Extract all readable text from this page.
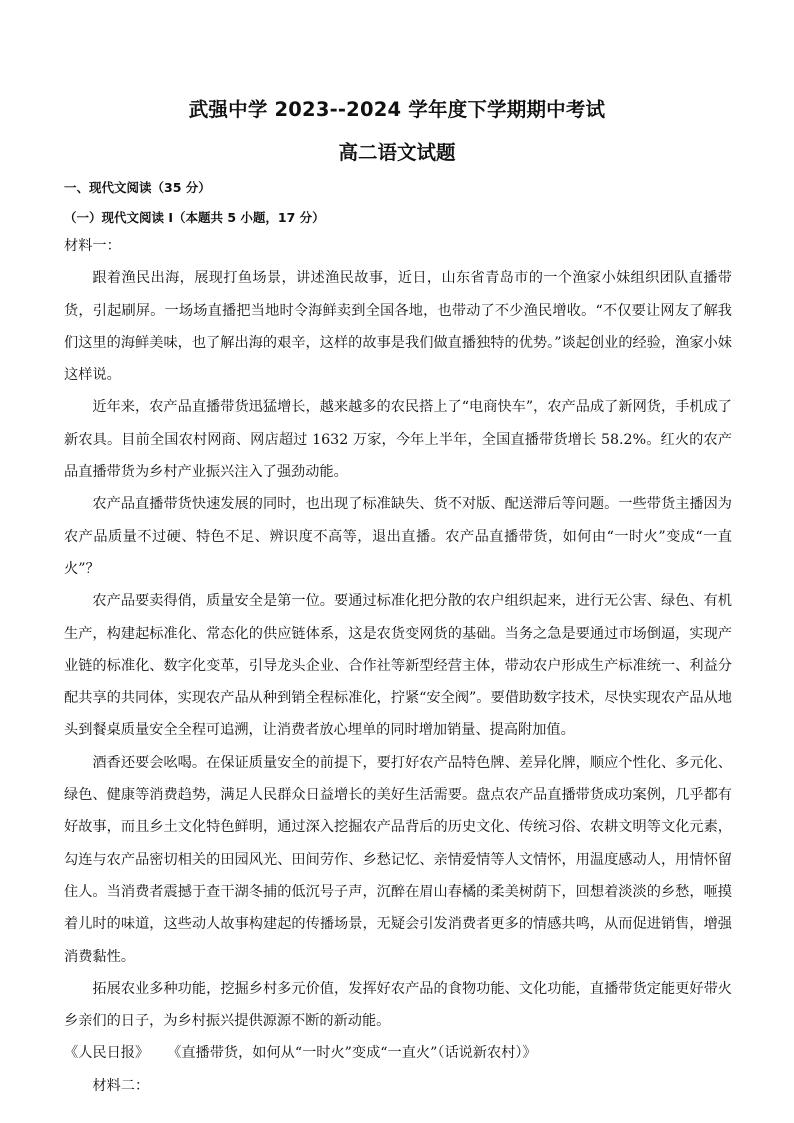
武强中学 2023--2024 学年度下学期期中考试
高二语文试题
一、现代文阅读（35 分）
（一）现代文阅读 I（本题共 5 小题，17 分）

材料一：

跟着渔民出海，展现打鱼场景，讲述渔民故事，近日，山东省青岛市的一个渔家小妹组织团队直播带货，引起刷屏。一场场直播把当地时令海鲜卖到全国各地，也带动了不少渔民增收。“不仅要让网友了解我们这里的海鲜美味，也了解出海的艰辛，这样的故事是我们做直播独特的优势。”谈起创业的经验，渔家小妹这样说。

近年来，农产品直播带货迅猛增长，越来越多的农民搭上了“电商快车”，农产品成了新网货，手机成了新农具。目前全国农村网商、网店超过 1632 万家，今年上半年，全国直播带货增长 58.2%。红火的农产品直播带货为乡村产业振兴注入了强劲动能。

农产品直播带货快速发展的同时，也出现了标准缺失、货不对版、配送滞后等问题。一些带货主播因为农产品质量不过硬、特色不足、辨识度不高等，退出直播。农产品直播带货，如何由“一时火”变成“一直火”？

农产品要卖得俏，质量安全是第一位。要通过标准化把分散的农户组织起来，进行无公害、绿色、有机生产，构建起标准化、常态化的供应链体系，这是农货变网货的基础。当务之急是要通过市场倒逼，实现产业链的标准化、数字化变革，引导龙头企业、合作社等新型经营主体，带动农户形成生产标准统一、利益分配共享的共同体，实现农产品从种到销全程标准化，拧紧“安全阀”。要借助数字技术，尽快实现农产品从地头到餐桌质量安全全程可追溯，让消费者放心埋单的同时增加销量、提高附加值。

酒香还要会吆喝。在保证质量安全的前提下，要打好农产品特色牌、差异化牌，顺应个性化、多元化、绿色、健康等消费趋势，满足人民群众日益增长的美好生活需要。盘点农产品直播带货成功案例，几乎都有好故事，而且乡土文化特色鲜明，通过深入挖掘农产品背后的历史文化、传统习俗、农耕文明等文化元素，勾连与农产品密切相关的田园风光、田间劳作、乡愁记忆、亲情爱情等人文情怀，用温度感动人，用情怀留住人。当消费者震撼于查干湖冬捕的低沉号子声，沉醉在眉山春橘的柔美树荫下，回想着淡淡的乡愁，咂摸着儿时的味道，这些动人故事构建起的传播场景，无疑会引发消费者更多的情感共鸣，从而促进销售，增强消费黏性。

拓展农业多种功能，挖掘乡村多元价值，发挥好农产品的食物功能、文化功能，直播带货定能更好带火乡亲们的日子，为乡村振兴提供源源不断的新动能。

《人民日报》    《直播带货，如何从“一时火”变成“一直火”（话说新农村）》

材料二：
